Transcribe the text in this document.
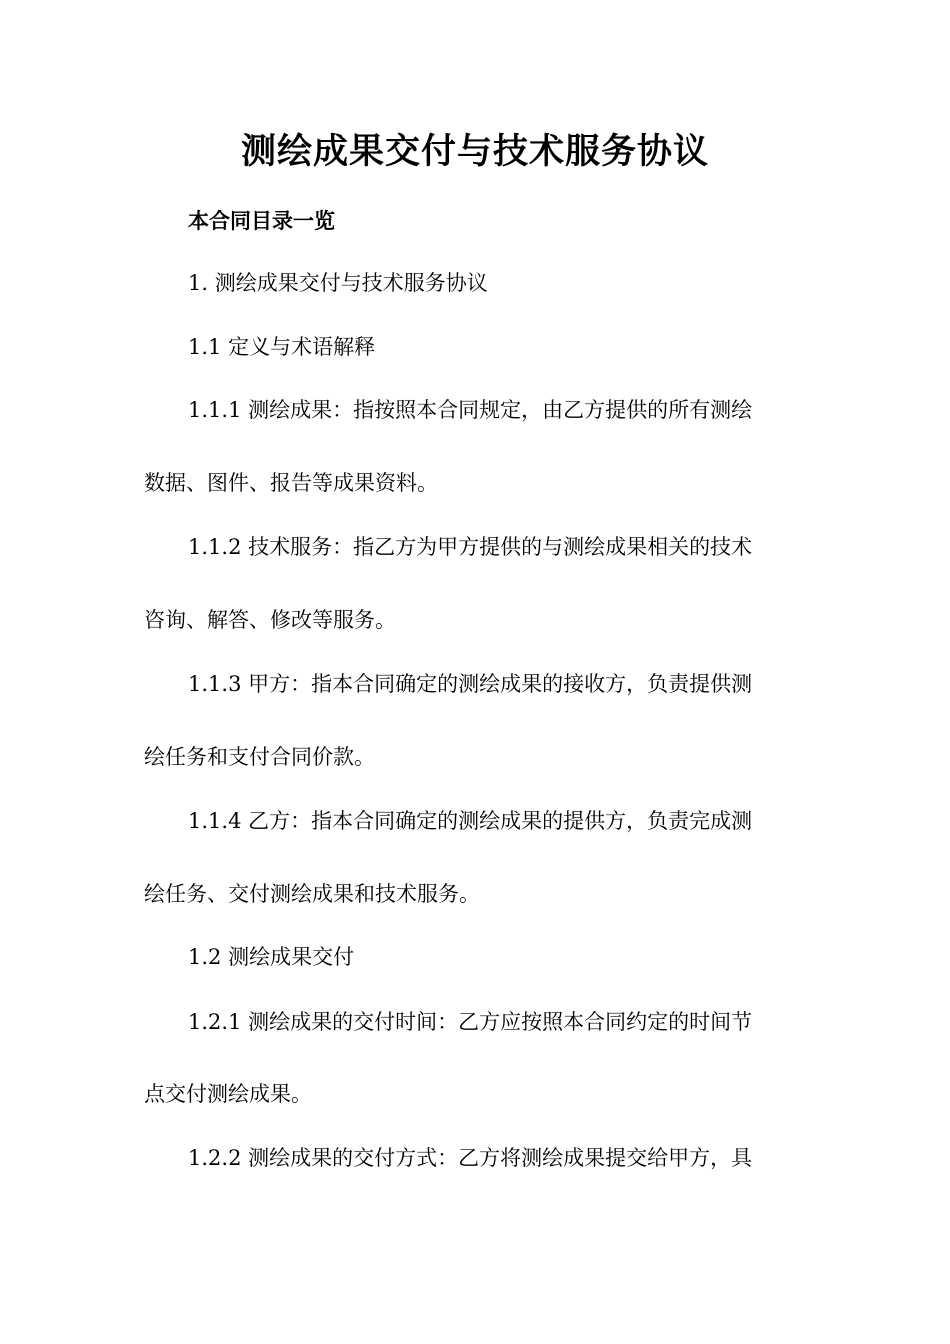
测绘成果交付与技术服务协议
本合同目录一览
1. 测绘成果交付与技术服务协议
1.1 定义与术语解释
1.1.1 测绘成果：指按照本合同规定，由乙方提供的所有测绘
数据、图件、报告等成果资料。
1.1.2 技术服务：指乙方为甲方提供的与测绘成果相关的技术
咨询、解答、修改等服务。
1.1.3 甲方：指本合同确定的测绘成果的接收方，负责提供测
绘任务和支付合同价款。
1.1.4 乙方：指本合同确定的测绘成果的提供方，负责完成测
绘任务、交付测绘成果和技术服务。
1.2 测绘成果交付
1.2.1 测绘成果的交付时间：乙方应按照本合同约定的时间节
点交付测绘成果。
1.2.2 测绘成果的交付方式：乙方将测绘成果提交给甲方，具
